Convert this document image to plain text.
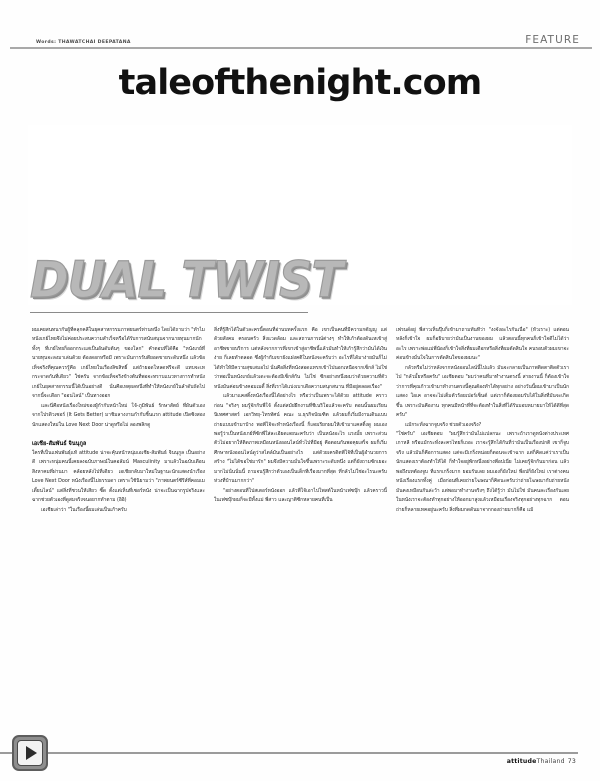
Words: THAWATCHAI DEEPATANA	FEATURE
taleofthenight.com
DUAL TWIST

ผมเคยสนทนากับผู้ที่คลุกคลีในยุคสาหกรรมภาพยนตร์ท่านหนึ่ง โดยได้ถามว่า "ทำไมหนังเกย์ไทยจึงไม่ค่อยประสบความสำเร็จหรือได้รับการสนับสนุนจากนายทุนมากนัก ทั้งๆ ที่เกย์ไทยก็ออกกระแสเป็นอันดับต้นๆ ของโลก" คำตอบที่ได้คือ "หนังเกย์ที่นายทุนจะลงมาเล่นด้วย ต้องดอกหรือมี เพราะมันการรับตียอดขายระดับหนึ่ง แล้วข้อเท็จจริงที่คุณควรรู้คือ เกย์ไทยในเรื่องลิขสิทธิ์ แต่ถ้ายอดโหลดฟรีจะดี แทบจะเทกระจาดกันที่เดียว" ใช่ครับ จากข้อเท็จจริงข้างต้นที่พอจะทราบแนวทางการทำหนังเกย์ในยุคสาหกรรมนี้ได้เป็นอย่างดี นั่นคือเหตุผลหนึ่งที่ทำให้หนังเกย์ในลำดับถัดไปจากนี้จะเดือก "ออนไลน์" เป็นทางออก

และนี่คือหนังเรื่องใหม่ของผู้กำกับหน้าใหม่ โจ้-ภูมิพันธ์ รักษาสัตย์ ที่ผันตัวเองจากโปรดิวเซอร์ (It Gets Better) มาชิมลางงานกำกับชิ้นแรก attitude เปิดซิงสองนักแสดงใหม่ใน Love Next Door น่าดูหรือไม่ ลองพลิกดู

เอเชีย-สัมพันธ์ จินนุกูล

ใครที่เป็นแฟนพันธุ์แท้ attitude น่าจะคุ้นหน้าหนุ่มเอเชีย-สัมพันธ์ จินนุกูล เป็นอย่างดี เพราะหนุ่มคนนี้เคยลงฉบับภาษณ์ในคอลัมน์ Masculinity มาแล้วในฉบับเดือนสิงหาคมที่ผ่านมา คล้อยหลังไปที่เดียว เอเชียกลับมาใหม่ในฐานะนักแสดงนำเรื่อง Love Next Door หนังเรื่องนี้ไม่ธรรมดา เพราะใช้นิยามว่า "ภาพยนตร์ซีรีส์ที่คอมเมเดี้ยนไลน์" แต่สิ่งที่ชวนให้เสียว ซี๊ด ตั้งแต่เห็นที่เซอร์หนัง น่าจะเป็นฉากรูปจริงและฉากช่วยตัวเองที่ดูสมจริงจนอยากทำตาม (อิอิ)

เอเชียเล่าว่า "ในเรื่องนี้ผมเล่นเป็นเก้าครับ

สิ่งที่รู้สึกได้ในตัวละครนี้ตอนที่อ่านบทครั้งแรก คือ เขาเป็นคนที่มีความกตัญญู แต่ด้วยสังคม ครอบครัว สิ่งแวดล้อม และสถานการณ์ต่างๆ ทำให้เก้าต้องดันเหเข้าสู่อาชีพขายบริการ แต่หลังจากการที่เขาเข้าสู่อาชีพนี้แล้วมันทำให้เก้ารู้สึกว่ามันได้เงินง่าย ก็เลยทำตลอด ซึ่งผู้กำกับเขายังแฝงคติในหนังจะครับว่า อะไรที่ได้มาง่ายมันก็ไม่ได้ทำให้มีความสุขเสมอไป นั่นคือสิ่งที่หนังสอดแทรกเข้าไปนอกเหนือจากเซ็กส์ ไม่ใช่ว่าพอเป็นหนังเกย์แล้วเดะจะต้องมีเซ็กส์กัน ไม่ใช่ ซีกอย่างหนึ่งผมว่าด้วยความที่ตัวหนังมันค่อนข้างคอมเมดี้ สิ่งที่เราได้แบ่งเบาเดือความสนุกสนาน ที่มีอยู่ตลอดเรื่อง"

แล้วมาแคสติ้งหนังเรื่องนี้ได้อย่างไร หรือว่าเป็นเพราะได้ด้วย attitude คราวก่อน "จริงๆ ผมรู้จักกับพี่โจ้ ตั้งแต่สมัยฝึกงานที่ชีเนริโอแล้วจะครับ ตอนนั้นผมเรียนนิเทศศาสตร์ เอกวิทยุ-โทรทัศน์ คณะ ม.ธุรกิจบัณฑิต แล้วผมก็เริ่มมีงานเดินแบบ ถ่ายแบบเข้ามาบ้าง พอพี่โจ้จะทำหนังเรื่องนี้ ก็เลยเรียกผมให้เข้ามาแคสติ้งดู ผมเองพอรู้ว่าเป็นหนังเกย์ที่ซักพี่ใส่ละเอียดเลยนะครับว่า เป็นหนังอะไร แรงมั้ย เพราะส่วนตัวไม่อยากให้ติดภาพเหมือนหนังออนไลน์ทั่วไปที่มีอยู่ คือตอนกันพอคุยเสร็จ ผมก็เริ่มศึกษาหนังออนไลน์ดูว่าสไตล์มันเป็นอย่างไร แต่ด้วยเครดิตพี่โจ้ที่เป็นผู้อำนวยการสร้าง "ไม่ได้ขอใช่มารัก" ผมจึงมีความมั่นใจขึ้นเพราะระดับหนึ่ง แต่ก็ยังถามซักเยอะมากไม่นั่นนั่นนี้ ถามจนรู้สึกว่าตัวเองเป็นเด็กที่เรื่องมากที่สุด ที่กลัวไม่ใช่อะไรนะครับ ห่วงที่บ้านมากกว่า"

"อย่างตอนที่โปสเตอร์หนังออก แล้วพี่โจ้เอาไปโพสต์ในหน้าเฟซบุ๊ก แล้วคราวนี้ในเฟซบุ๊กผมก็จะมีทั้งแม่ พี่สาว และญาติซีกหลายคนที่เป็น

เฟรนด์อยู่ พี่สาวเห็นปุ๊บก็เข้ามาถามทันทีว่า "งงจังอะไรกันเนื่อ" (หัวเราะ) แต่ตอนหลังก็เข้าใจ ผมก็อธิบายว่ามันเป็นงานของผม แล้วตอนนี้ทุกคนก็เข้าใจดีไม่ได้ว่าอะไร เพราะพ่อแม่พี่น้องก็เข้าใจสิ่งที่ผมเดือกหรือสิ่งที่ผมตัดสินใจ คนรอบตัวผมเขาจะค่อนข้างมั่นใจในการตัดสินใจของผมนะ"

กลัวหรือไม่ว่าหลังจากหนังออนไลน์นี้ไปแล้ว มันจะกลายเป็นภาพติดตาติดตัวเราไป "กลัวมั้ยหรือครับ" เอเชียตอบ "ผมว่าคนที่มาทำงานตรงนี้ สายงานนี้ ก็ต้องเข้าใจว่าการที่คุณก้าวเข้ามาทำงานตรงนี้คุณต้องทำได้ทุกอย่าง อย่างวันนี้ผมเข้ามาเป็นนักแสดง โอเค อาจจะไม่เต็มตัวร้อยเปอร์เซ็นต์ แต่เราก็ต้องยอมรับได้ในสิ่งที่มันจะเกิดขึ้น เพราะมันคืองาน ทุกคนมีหน้าที่ที่จะต้องทำในสิ่งที่ได้รับมอบหมายมาให้ได้ดีที่สุดครับ"

แม้กระทั่งฉากจูบจริง ช่วยตัวเองจริง?

"ใช่ครับ" เอเชียตอบ "ผมรู้สึกว่ามันไม่แปลกนะ เพราะถ้าเราดูหนังต่างประเทศ เกาหลี หรือแม้กระทั่งละครไทยก็เถอะ เราจะรู้สึกได้กันที่ว่ามันเป็นเรื่องปกติ เขาก็จูบจริง แล้วมันก็คือการแสดง แต่จะมีเกร็งหน่อยก็ตอนจะเข้าฉาก แต่ก็คิดแค่ว่าเราเป็นนักแสดงเราต้องทำให้ได้ ก็ทำใจอยู่พักหนึ่งอย่างพี่อปเนี่ย ไม่เคยรู้จักกันมาก่อน แล้วพอถึงบทต้องจูบ ที่แรกเกร็งมาก ยอมรับเลย ผมเองก็ยังใหม่ พี่อปก็ยังใหม่ เราต่างคนหนังเรื่องแรกทั้งคู่ เมื่อก่อนที่เคยถ่ายโฆษณาก็คิดนะครับว่าถ่ายโฆษณากับถ่ายหนังมันคงเหมือนกันล่ะว้า แต่พอมาทำงานจริงๆ ถึงได้รู้ว่า มันไม่ใช่ มันคนละเรื่องกันเลย ในหนังเราจะต้องทำทุกอย่างให้ออกมาสูงแล้วเหมือนเรื่องจริงทุกอย่างทุกฉาก ตอนถ่ายก็หลายเทคอยู่นะครับ สิ่งที่ผมกดดันมาจากกองถ่ายมากก็คือ แม้

attitudeThailand 73
